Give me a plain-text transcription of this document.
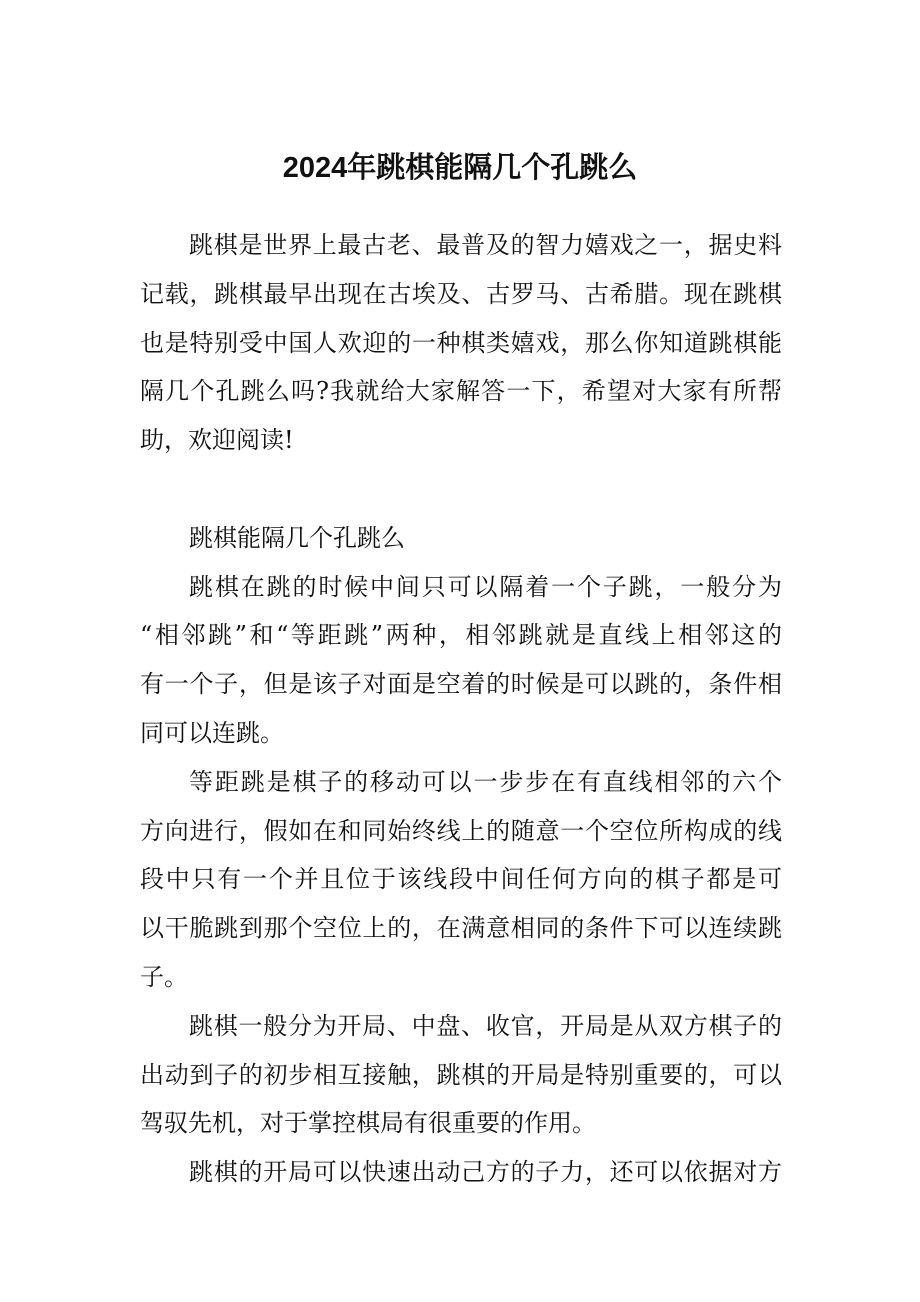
2024年跳棋能隔几个孔跳么
跳棋是世界上最古老、最普及的智力嬉戏之一，据史料
记载，跳棋最早出现在古埃及、古罗马、古希腊。现在跳棋
也是特别受中国人欢迎的一种棋类嬉戏，那么你知道跳棋能
隔几个孔跳么吗?我就给大家解答一下，希望对大家有所帮
助，欢迎阅读!
跳棋能隔几个孔跳么
跳棋在跳的时候中间只可以隔着一个子跳，一般分为
“相邻跳”和“等距跳”两种，相邻跳就是直线上相邻这的
有一个子，但是该子对面是空着的时候是可以跳的，条件相
同可以连跳。
等距跳是棋子的移动可以一步步在有直线相邻的六个
方向进行，假如在和同始终线上的随意一个空位所构成的线
段中只有一个并且位于该线段中间任何方向的棋子都是可
以干脆跳到那个空位上的，在满意相同的条件下可以连续跳
子。
跳棋一般分为开局、中盘、收官，开局是从双方棋子的
出动到子的初步相互接触，跳棋的开局是特别重要的，可以
驾驭先机，对于掌控棋局有很重要的作用。
跳棋的开局可以快速出动己方的子力，还可以依据对方
